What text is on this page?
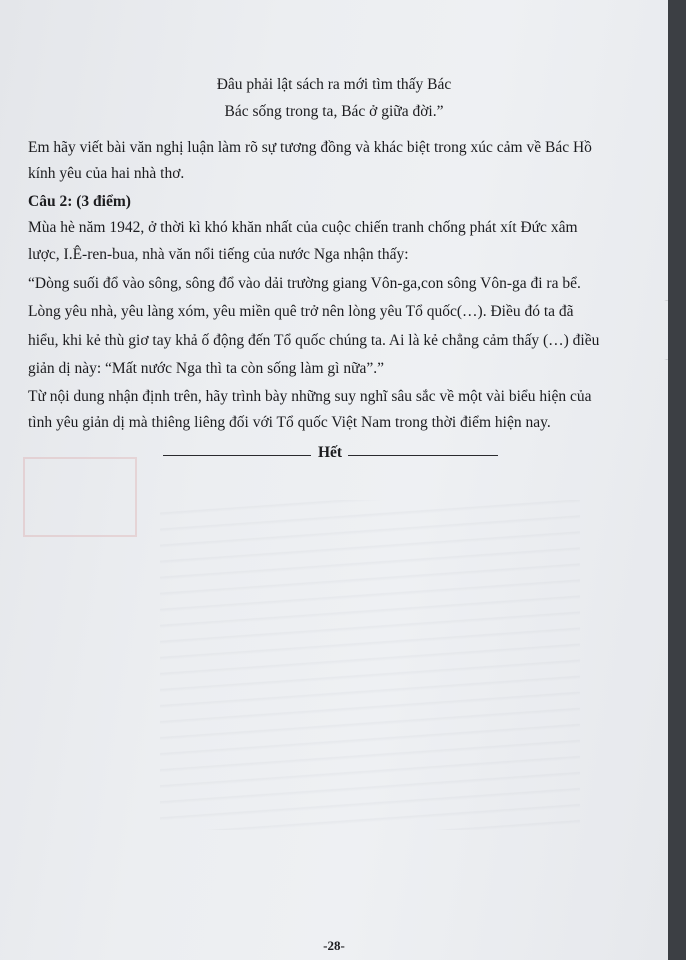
Đâu phải lật sách ra mới tìm thấy Bác
Bác sống trong ta, Bác ở giữa đời.”
Em hãy viết bài văn nghị luận làm rõ sự tương đồng và khác biệt trong xúc cảm về Bác Hồ
kính yêu của hai nhà thơ.
Câu 2: (3 điểm)
Mùa hè năm 1942, ở thời kì khó khăn nhất của cuộc chiến tranh chống phát xít Đức xâm
lược, I.Ê-ren-bua, nhà văn nổi tiếng của nước Nga nhận thấy:
“Dòng suối đổ vào sông, sông đổ vào dải trường giang Vôn-ga,con sông Vôn-ga đi ra bể.
Lòng yêu nhà, yêu làng xóm, yêu miền quê trở nên lòng yêu Tổ quốc(…). Điều đó ta đã
hiểu, khi kẻ thù giơ tay khả ố động đến Tổ quốc chúng ta. Ai là kẻ chẳng cảm thấy (…) điều
giản dị này: “Mất nước Nga thì ta còn sống làm gì nữa”.”
Từ nội dung nhận định trên, hãy trình bày những suy nghĩ sâu sắc về một vài biểu hiện của
tình yêu giản dị mà thiêng liêng đối với Tổ quốc Việt Nam trong thời điểm hiện nay.
Hết
-28-
